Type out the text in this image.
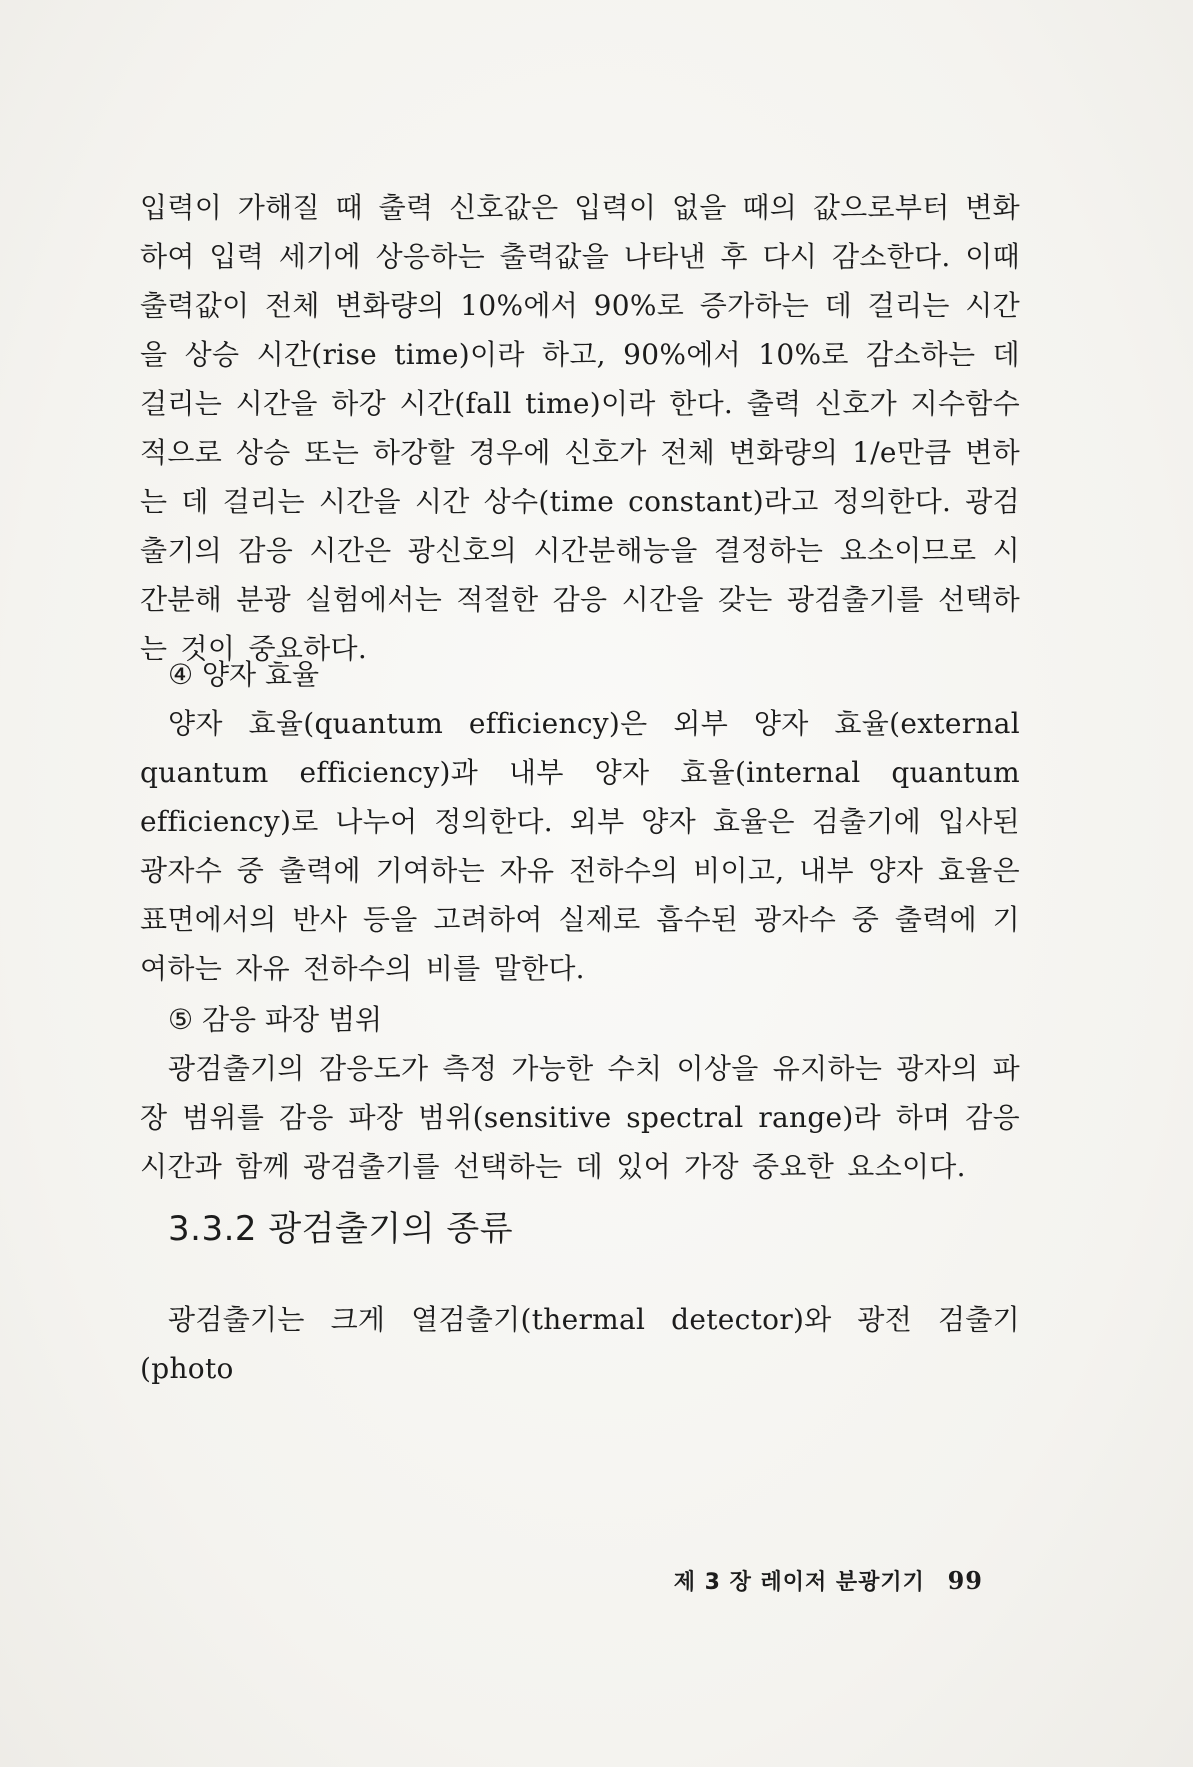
입력이 가해질 때 출력 신호값은 입력이 없을 때의 값으로부터 변화하여 입력 세기에 상응하는 출력값을 나타낸 후 다시 감소한다. 이때 출력값이 전체 변화량의 10%에서 90%로 증가하는 데 걸리는 시간을 상승 시간(rise time)이라 하고, 90%에서 10%로 감소하는 데 걸리는 시간을 하강 시간(fall time)이라 한다. 출력 신호가 지수함수적으로 상승 또는 하강할 경우에 신호가 전체 변화량의 1/e만큼 변하는 데 걸리는 시간을 시간 상수(time constant)라고 정의한다. 광검출기의 감응 시간은 광신호의 시간분해능을 결정하는 요소이므로 시간분해 분광 실험에서는 적절한 감응 시간을 갖는 광검출기를 선택하는 것이 중요하다.

④ 양자 효율

양자 효율(quantum efficiency)은 외부 양자 효율(external quantum efficiency)과 내부 양자 효율(internal quantum efficiency)로 나누어 정의한다. 외부 양자 효율은 검출기에 입사된 광자수 중 출력에 기여하는 자유 전하수의 비이고, 내부 양자 효율은 표면에서의 반사 등을 고려하여 실제로 흡수된 광자수 중 출력에 기여하는 자유 전하수의 비를 말한다.

⑤ 감응 파장 범위

광검출기의 감응도가 측정 가능한 수치 이상을 유지하는 광자의 파장 범위를 감응 파장 범위(sensitive spectral range)라 하며 감응 시간과 함께 광검출기를 선택하는 데 있어 가장 중요한 요소이다.

3.3.2 광검출기의 종류

광검출기는 크게 열검출기(thermal detector)와 광전 검출기(photo

제 3 장 레이저 분광기기 99
